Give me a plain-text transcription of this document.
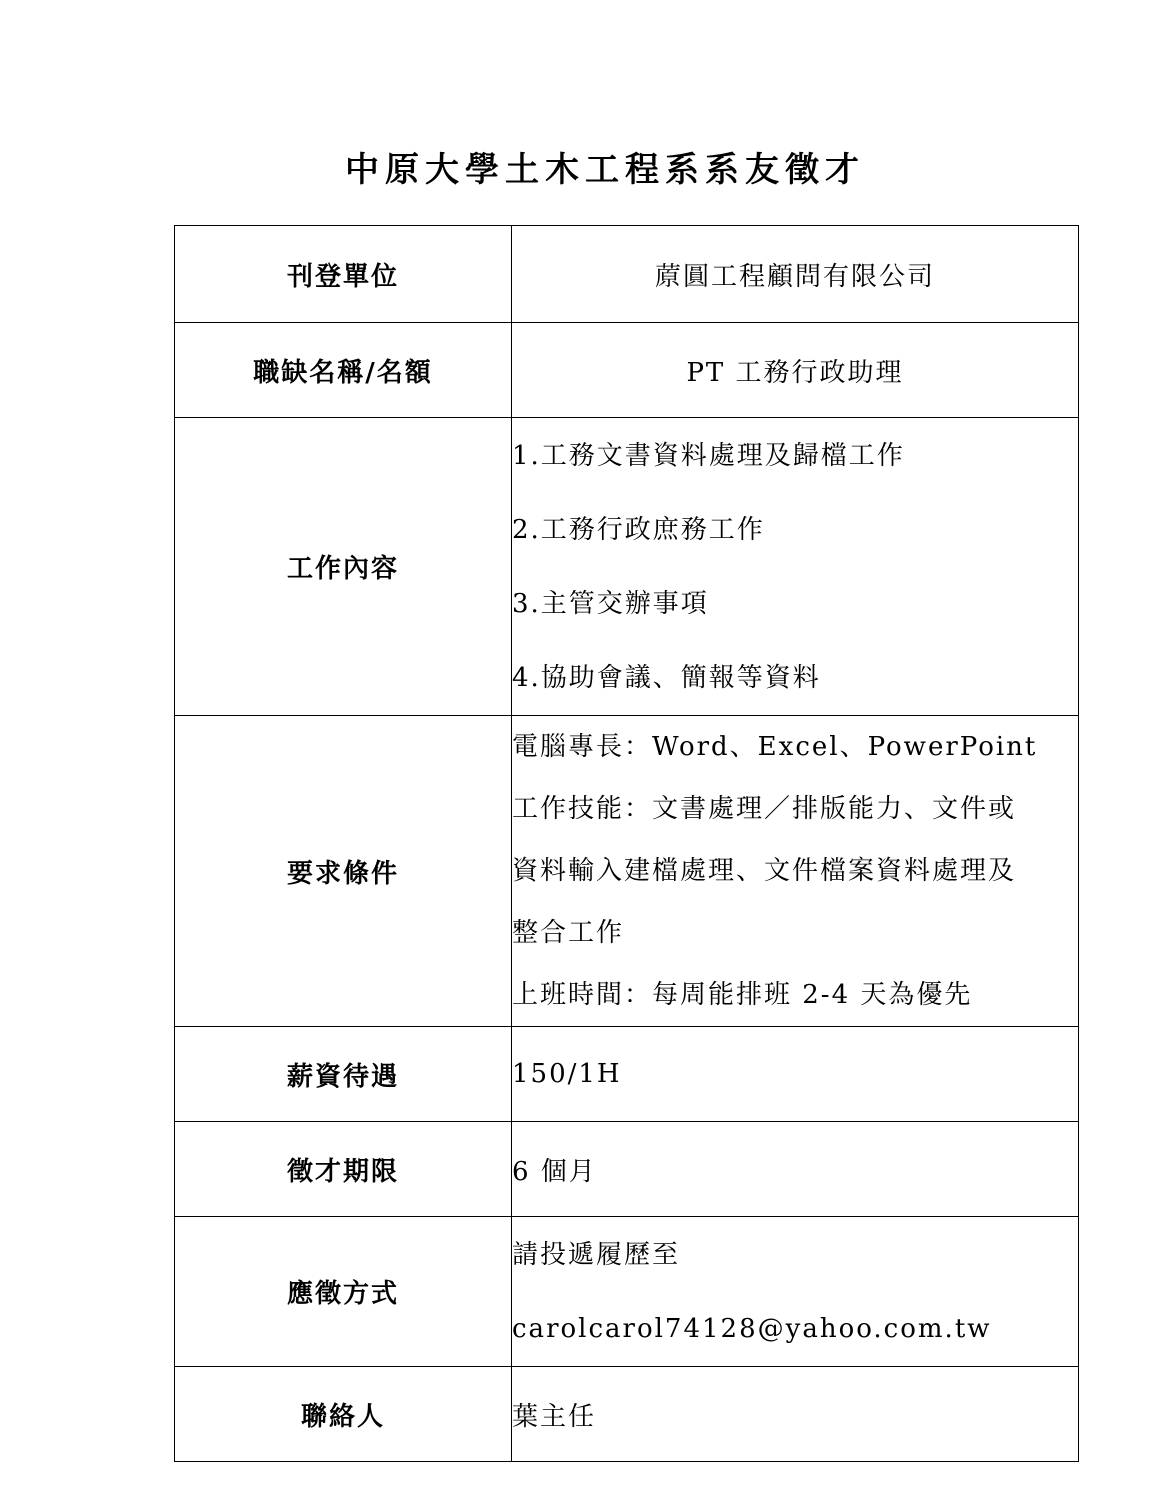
中原大學土木工程系系友徵才
刊登單位	蒝圓工程顧問有限公司
職缺名稱/名額	PT 工務行政助理
工作內容	1.工務文書資料處理及歸檔工作
2.工務行政庶務工作
3.主管交辦事項
4.協助會議、簡報等資料

要求條件	電腦專長：Word、Excel、PowerPoint
工作技能：文書處理／排版能力、文件或
資料輸入建檔處理、文件檔案資料處理及
整合工作
上班時間：每周能排班 2-4 天為優先

薪資待遇	150/1H
徵才期限	6 個月
應徵方式	請投遞履歷至
carolcarol74128@yahoo.com.tw

聯絡人	葉主任
